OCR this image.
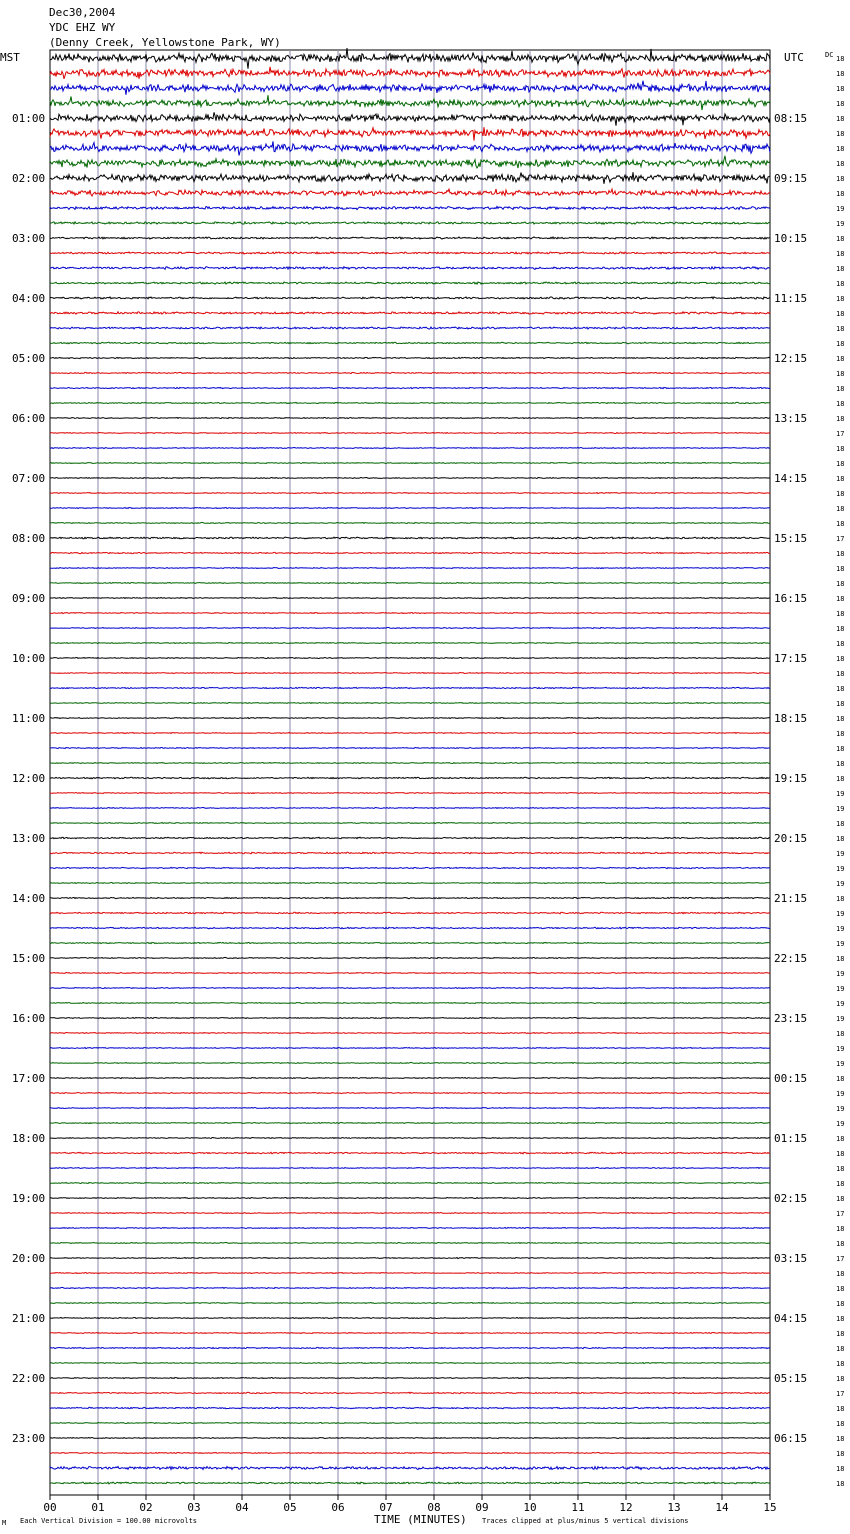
Dec30,2004
YDC EHZ WY
(Denny Creek, Yellowstone Park, WY)
MST	UTC	DC
01:00	08:15
02:00	09:15
03:00	10:15
04:00	11:15
05:00	12:15
06:00	13:15
07:00	14:15
08:00	15:15
09:00	16:15
10:00	17:15
11:00	18:15
12:00	19:15
13:00	20:15
14:00	21:15
15:00	22:15
16:00	23:15
17:00	00:15
18:00	01:15
19:00	02:15
20:00	03:15
21:00	04:15
22:00	05:15
23:00	06:15
18
18
18
18
18
18
18
18
18
18
19
19
18
18
18
18
18
18
18
18
18
18
18
18
18
17
18
18
18
18
18
18
17
18
18
18
18
18
18
18
18
18
18
18
18
18
18
18
18
19
19
18
18
19
19
19
18
19
19
19
18
19
19
19
19
18
19
19
18
19
19
19
18
18
18
18
18
17
18
18
17
18
18
18
18
18
18
18
18
17
18
18
18
18
18
18
00	01	02	03	04	05	06	07	08	09	10	11	12	13	14	15
TIME (MINUTES)
Each Vertical Division = 100.00 microvolts	Traces clipped at plus/minus 5 vertical divisions
M
